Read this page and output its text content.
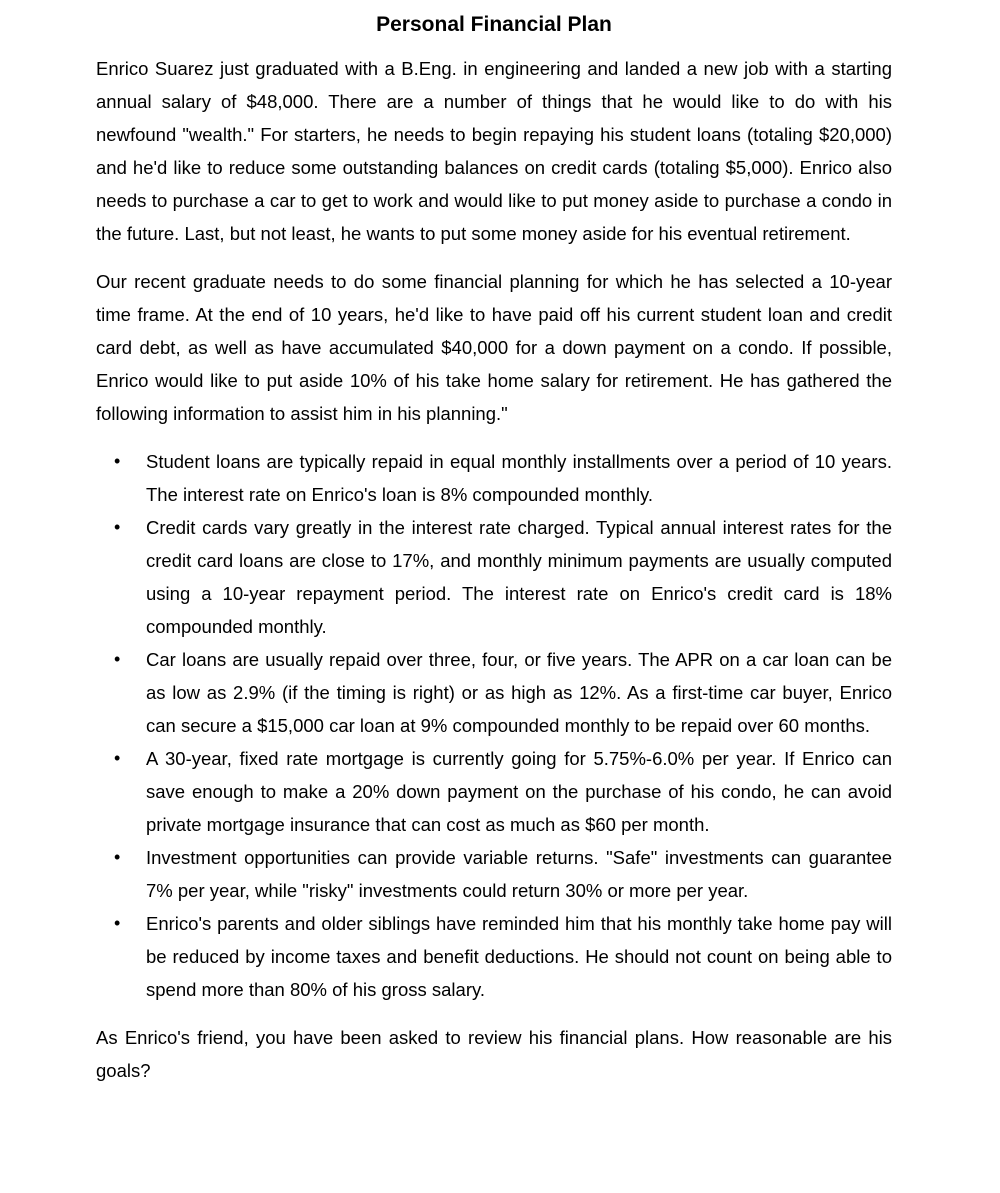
Personal Financial Plan

Enrico Suarez just graduated with a B.Eng. in engineering and landed a new job with a starting annual salary of $48,000. There are a number of things that he would like to do with his newfound "wealth." For starters, he needs to begin repaying his student loans (totaling $20,000) and he'd like to reduce some outstanding balances on credit cards (totaling $5,000). Enrico also needs to purchase a car to get to work and would like to put money aside to purchase a condo in the future. Last, but not least, he wants to put some money aside for his eventual retirement.

Our recent graduate needs to do some financial planning for which he has selected a 10-year time frame. At the end of 10 years, he'd like to have paid off his current student loan and credit card debt, as well as have accumulated $40,000 for a down payment on a condo. If possible, Enrico would like to put aside 10% of his take home salary for retirement. He has gathered the following information to assist him in his planning."

• Student loans are typically repaid in equal monthly installments over a period of 10 years. The interest rate on Enrico's loan is 8% compounded monthly.
• Credit cards vary greatly in the interest rate charged. Typical annual interest rates for the credit card loans are close to 17%, and monthly minimum payments are usually computed using a 10-year repayment period. The interest rate on Enrico's credit card is 18% compounded monthly.
• Car loans are usually repaid over three, four, or five years. The APR on a car loan can be as low as 2.9% (if the timing is right) or as high as 12%. As a first-time car buyer, Enrico can secure a $15,000 car loan at 9% compounded monthly to be repaid over 60 months.
• A 30-year, fixed rate mortgage is currently going for 5.75%-6.0% per year. If Enrico can save enough to make a 20% down payment on the purchase of his condo, he can avoid private mortgage insurance that can cost as much as $60 per month.
• Investment opportunities can provide variable returns. "Safe" investments can guarantee 7% per year, while "risky" investments could return 30% or more per year.
• Enrico's parents and older siblings have reminded him that his monthly take home pay will be reduced by income taxes and benefit deductions. He should not count on being able to spend more than 80% of his gross salary.

As Enrico's friend, you have been asked to review his financial plans. How reasonable are his goals?
